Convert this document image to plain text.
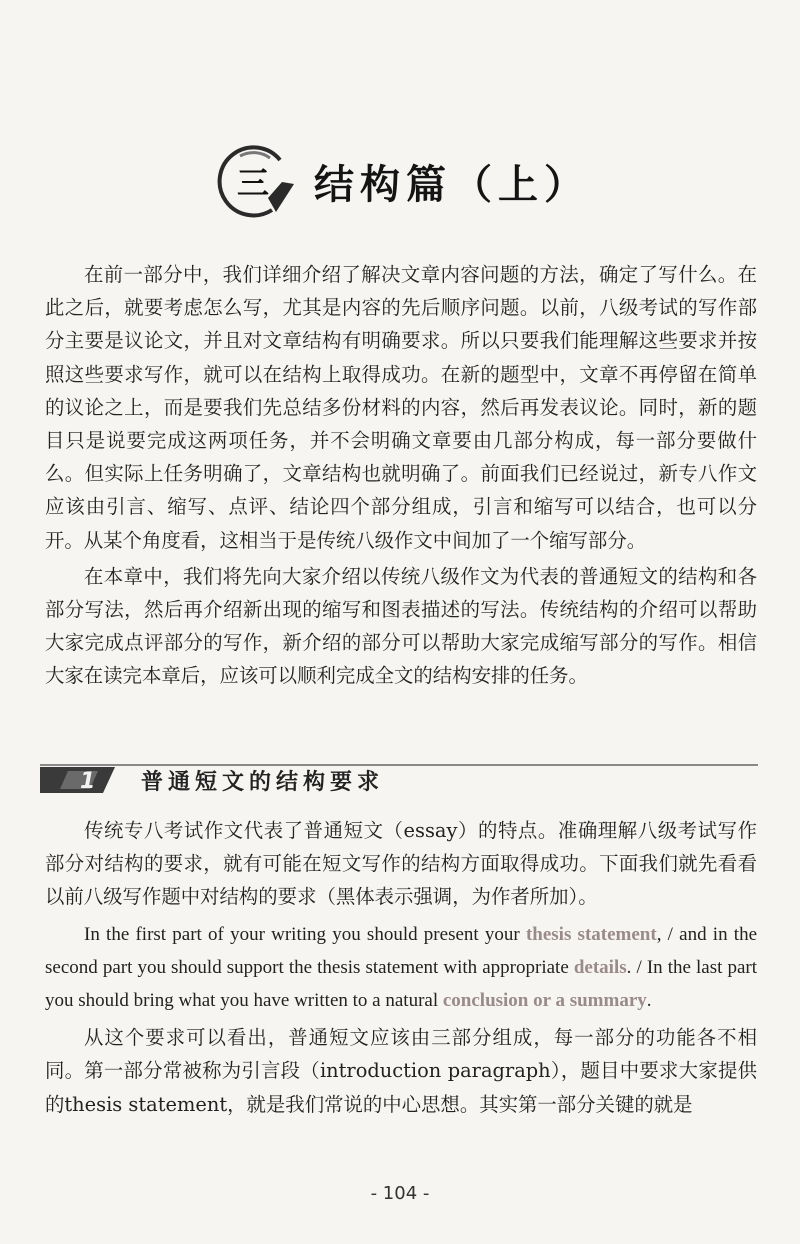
三	结构篇（上）

在前一部分中，我们详细介绍了解决文章内容问题的方法，确定了写什么。在此之后，就要考虑怎么写，尤其是内容的先后顺序问题。以前，八级考试的写作部分主要是议论文，并且对文章结构有明确要求。所以只要我们能理解这些要求并按照这些要求写作，就可以在结构上取得成功。在新的题型中，文章不再停留在简单的议论之上，而是要我们先总结多份材料的内容，然后再发表议论。同时，新的题目只是说要完成这两项任务，并不会明确文章要由几部分构成，每一部分要做什么。但实际上任务明确了，文章结构也就明确了。前面我们已经说过，新专八作文应该由引言、缩写、点评、结论四个部分组成，引言和缩写可以结合，也可以分开。从某个角度看，这相当于是传统八级作文中间加了一个缩写部分。

在本章中，我们将先向大家介绍以传统八级作文为代表的普通短文的结构和各部分写法，然后再介绍新出现的缩写和图表描述的写法。传统结构的介绍可以帮助大家完成点评部分的写作，新介绍的部分可以帮助大家完成缩写部分的写作。相信大家在读完本章后，应该可以顺利完成全文的结构安排的任务。

1 普通短文的结构要求

传统专八考试作文代表了普通短文（essay）的特点。准确理解八级考试写作部分对结构的要求，就有可能在短文写作的结构方面取得成功。下面我们就先看看以前八级写作题中对结构的要求（黑体表示强调，为作者所加）。

In the first part of your writing you should present your thesis statement, / and in the second part you should support the thesis statement with appropriate details. / In the last part you should bring what you have written to a natural conclusion or a summary.

从这个要求可以看出，普通短文应该由三部分组成，每一部分的功能各不相同。第一部分常被称为引言段（introduction paragraph），题目中要求大家提供的thesis statement，就是我们常说的中心思想。其实第一部分关键的就是

- 104 -
